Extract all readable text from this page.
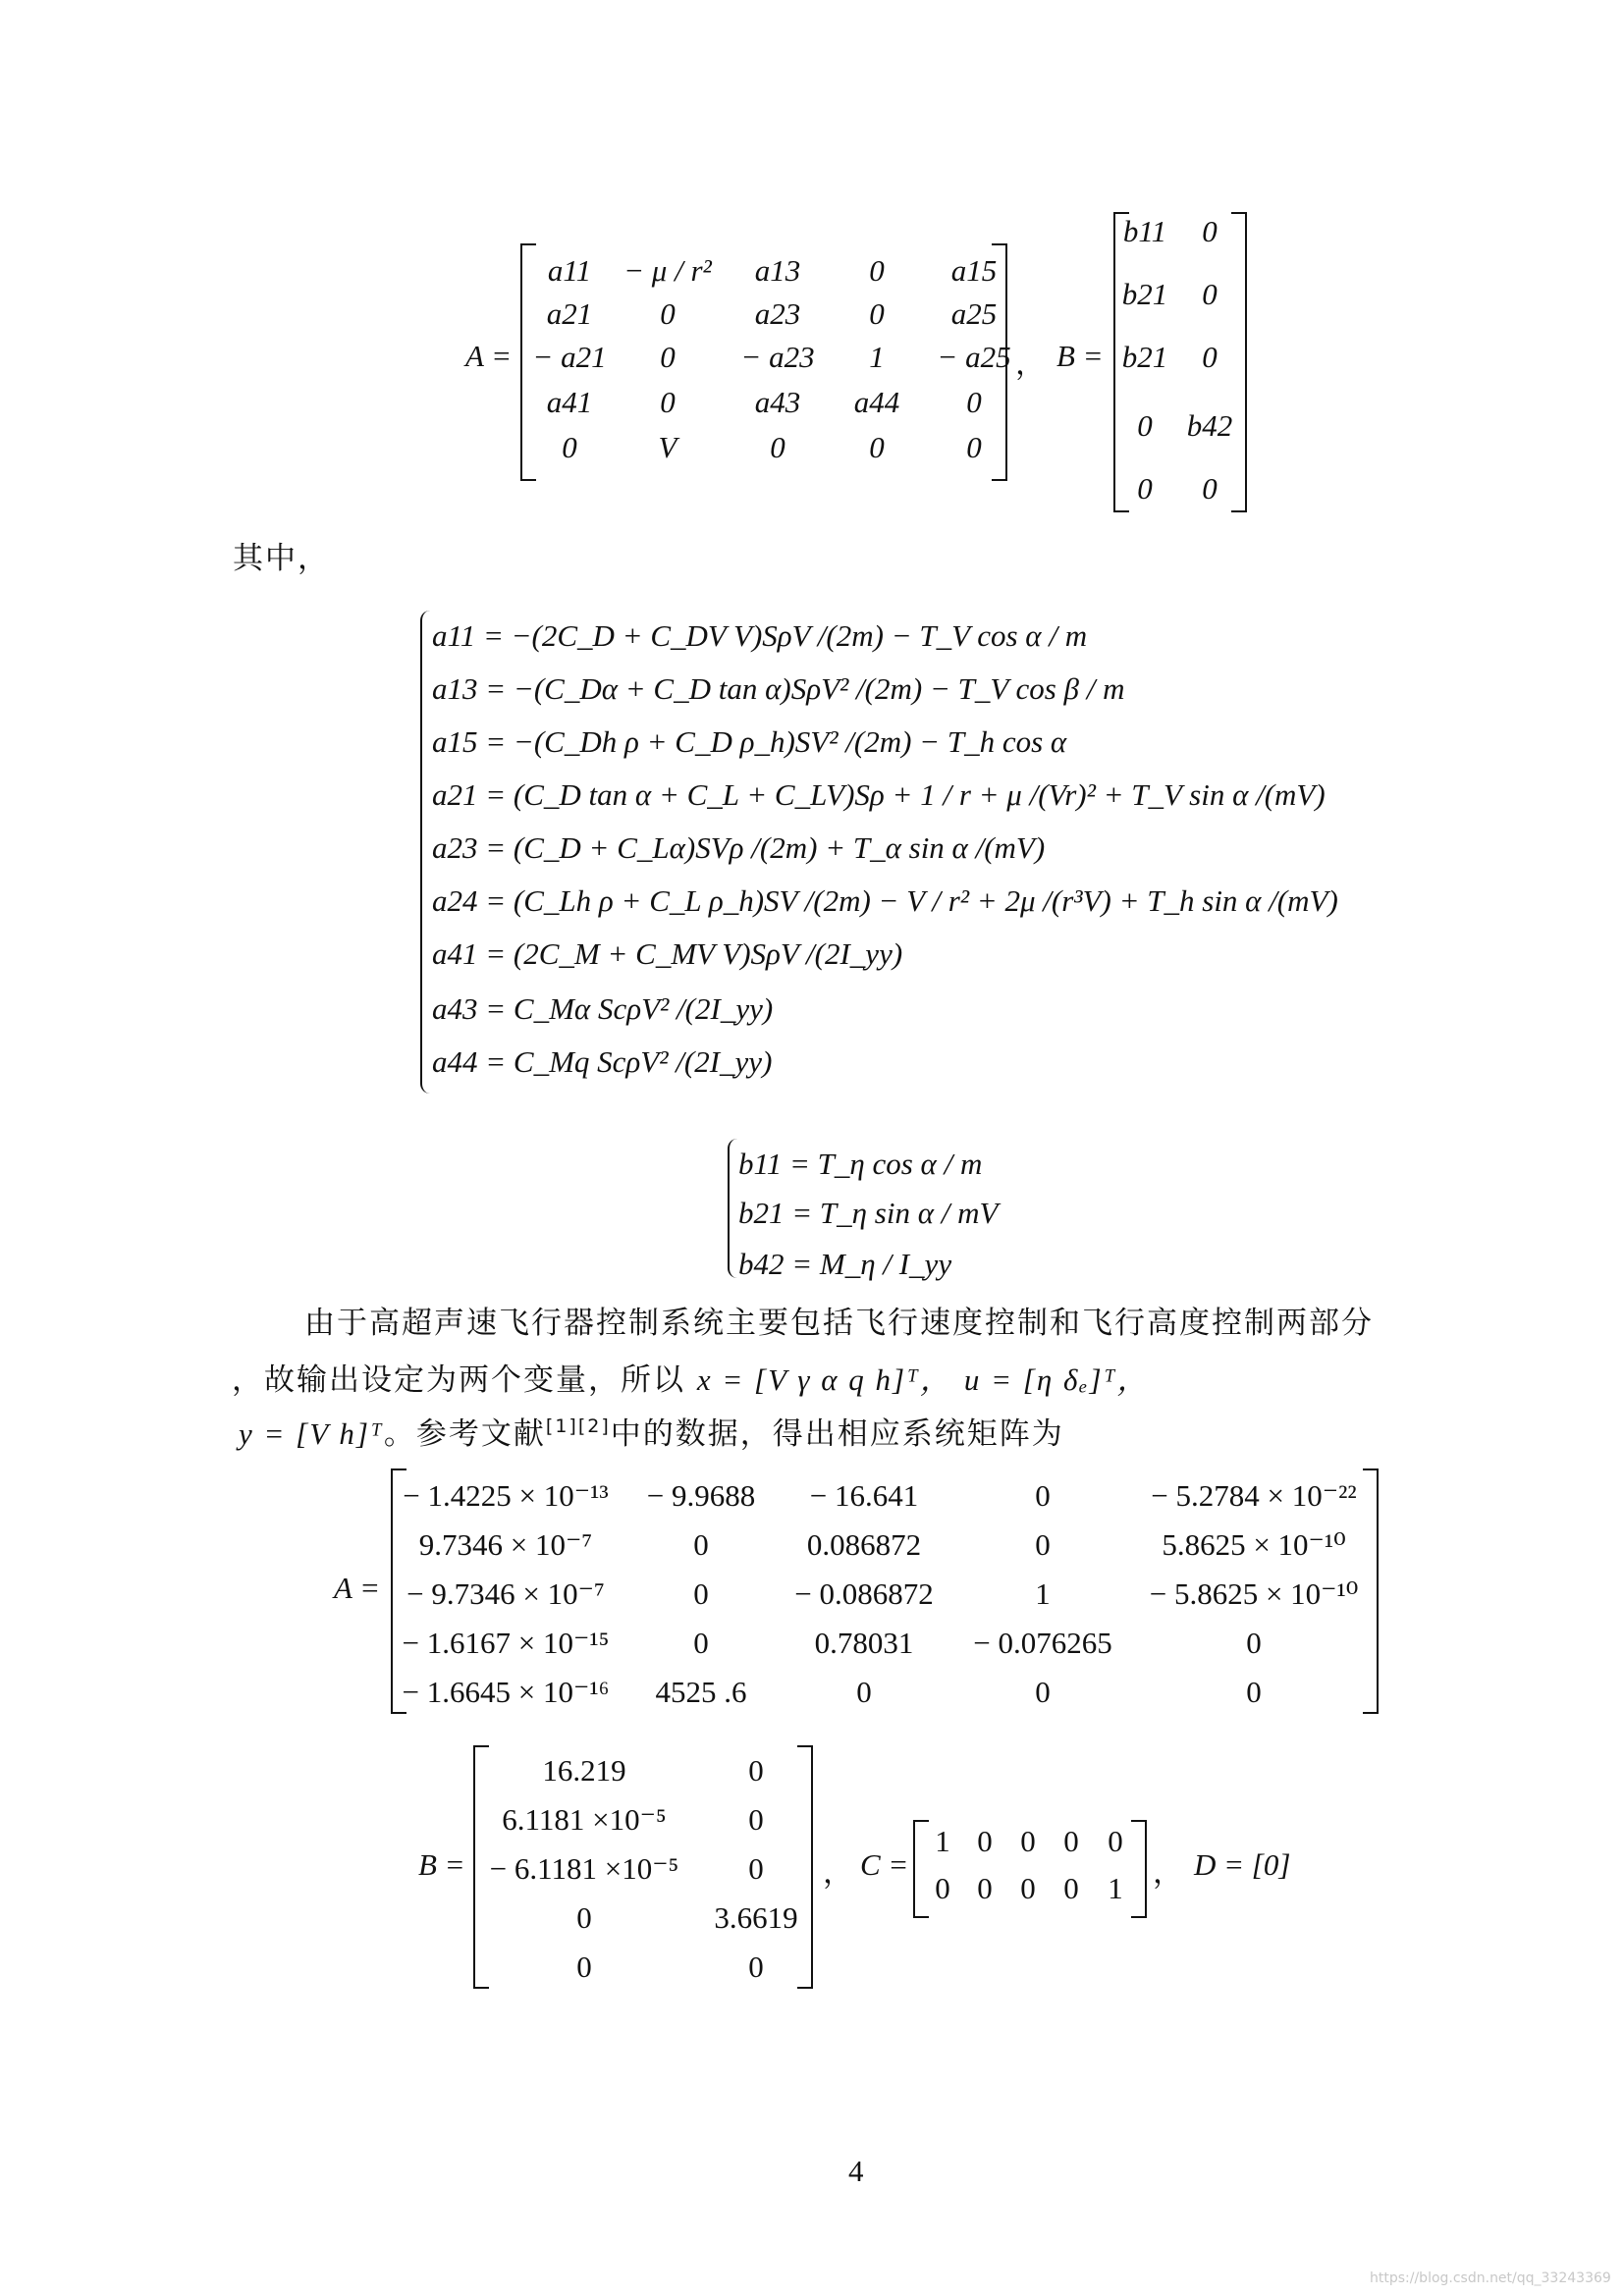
A =
a11	− μ / r²	a13	0	a15
a21	0	a23	0	a25
− a21	0	− a23	1	− a25
a41	0	a43	a44	0
0	V	0	0	0
， B =
b11	0
b21	0
b21	0
0	b42
0	0
其中，
a11 = −(2C_D + C_DV V)SρV /(2m) − T_V cos α / m
a13 = −(C_Dα + C_D tan α)SρV² /(2m) − T_V cos β / m
a15 = −(C_Dh ρ + C_D ρ_h)SV² /(2m) − T_h cos α
a21 = (C_D tan α + C_L + C_LV)Sρ + 1 / r + μ /(Vr)² + T_V sin α /(mV)
a23 = (C_D + C_Lα)SVρ /(2m) + T_α sin α /(mV)
a24 = (C_Lh ρ + C_L ρ_h)SV /(2m) − V / r² + 2μ /(r³V) + T_h sin α /(mV)
a41 = (2C_M + C_MV V)SρV /(2I_yy)
a43 = C_Mα ScρV² /(2I_yy)
a44 = C_Mq ScρV² /(2I_yy)
b11 = T_η cos α / m
b21 = T_η sin α / mV
b42 = M_η / I_yy
由于高超声速飞行器控制系统主要包括飞行速度控制和飞行高度控制两部分
，故输出设定为两个变量，所以 x = [V γ α q h]ᵀ， u = [η δₑ]ᵀ，
y = [V h]ᵀ。参考文献[1][2]中的数据，得出相应系统矩阵为
A =
− 1.4225 × 10⁻¹³	− 9.9688	− 16.641	0	− 5.2784 × 10⁻²²
9.7346 × 10⁻⁷	0	0.086872	0	5.8625 × 10⁻¹⁰
− 9.7346 × 10⁻⁷	0	− 0.086872	1	− 5.8625 × 10⁻¹⁰
− 1.6167 × 10⁻¹⁵	0	0.78031	− 0.076265	0
− 1.6645 × 10⁻¹⁶	4525 .6	0	0	0
B =
16.219	0
6.1181 ×10⁻⁵	0
− 6.1181 ×10⁻⁵	0
0	3.6619
0	0
， C =
1 0 0 0 0
0 0 0 0 1 ， D = [0]
4
https://blog.csdn.net/qq_33243369
